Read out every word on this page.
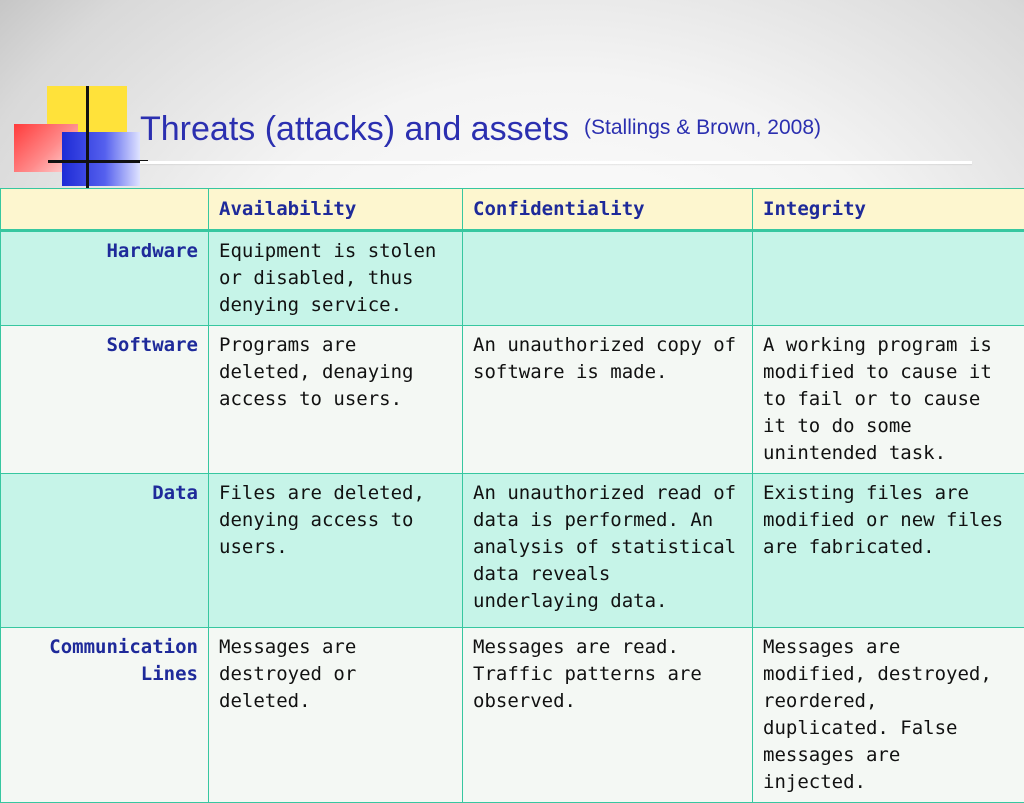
Threats (attacks) and assets (Stallings & Brown, 2008)
	Availability	Confidentiality	Integrity
Hardware	Equipment is stolen or disabled, thus denying service.		
Software	Programs are deleted, denaying access to users.	An unauthorized copy of software is made.	A working program is modified to cause it to fail or to cause it to do some unintended task.
Data	Files are deleted, denying access to users.	An unauthorized read of data is performed. An analysis of statistical data reveals underlaying data.	Existing files are modified or new files are fabricated.
Communication Lines	Messages are destroyed or deleted.	Messages are read. Traffic patterns are observed.	Messages are modified, destroyed, reordered, duplicated. False messages are injected.
